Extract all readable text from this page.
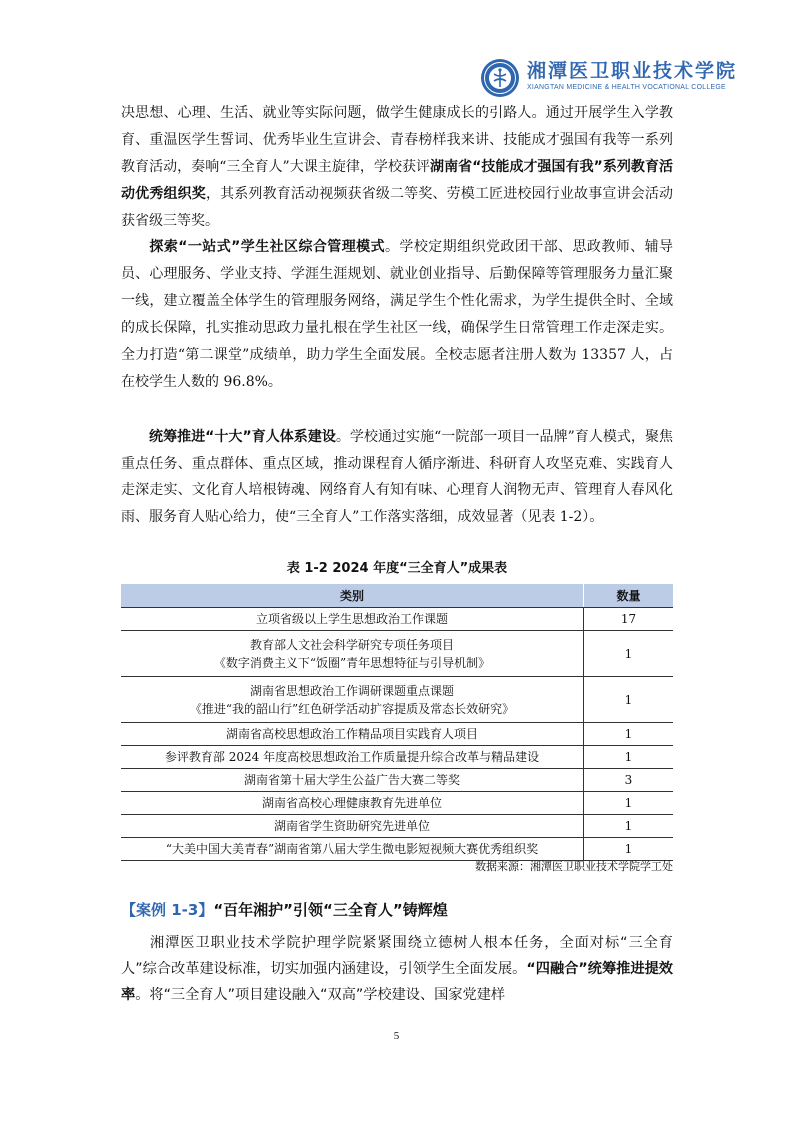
湘潭医卫职业技术学院
XIANGTAN MEDICINE & HEALTH VOCATIONAL COLLEGE

决思想、心理、生活、就业等实际问题，做学生健康成长的引路人。通过开展学生入学教育、重温医学生誓词、优秀毕业生宣讲会、青春榜样我来讲、技能成才强国有我等一系列教育活动，奏响“三全育人”大课主旋律，学校获评湖南省“技能成才强国有我”系列教育活动优秀组织奖，其系列教育活动视频获省级二等奖、劳模工匠进校园行业故事宣讲会活动获省级三等奖。

探索“一站式”学生社区综合管理模式。学校定期组织党政团干部、思政教师、辅导员、心理服务、学业支持、学涯生涯规划、就业创业指导、后勤保障等管理服务力量汇聚一线，建立覆盖全体学生的管理服务网络，满足学生个性化需求，为学生提供全时、全域的成长保障，扎实推动思政力量扎根在学生社区一线，确保学生日常管理工作走深走实。全力打造“第二课堂”成绩单，助力学生全面发展。全校志愿者注册人数为 13357 人，占在校学生人数的 96.8%。

统筹推进“十大”育人体系建设。学校通过实施“一院部一项目一品牌”育人模式，聚焦重点任务、重点群体、重点区域，推动课程育人循序渐进、科研育人攻坚克难、实践育人走深走实、文化育人培根铸魂、网络育人有知有味、心理育人润物无声、管理育人春风化雨、服务育人贴心给力，使“三全育人”工作落实落细，成效显著（见表 1-2）。

表 1-2 2024 年度“三全育人”成果表
类别	数量

立项省级以上学生思想政治工作课题	17

教育部人文社会科学研究专项任务项目
《数字消费主义下“饭圈”青年思想特征与引导机制》	1

湖南省思想政治工作调研课题重点课题
《推进“我的韶山行”红色研学活动扩容提质及常态长效研究》	1

湖南省高校思想政治工作精品项目实践育人项目	1

参评教育部 2024 年度高校思想政治工作质量提升综合改革与精品建设	1

湖南省第十届大学生公益广告大赛二等奖	3

湖南省高校心理健康教育先进单位	1

湖南省学生资助研究先进单位	1

“大美中国大美青春”湖南省第八届大学生微电影短视频大赛优秀组织奖	1
数据来源：湘潭医卫职业技术学院学工处
【案例 1-3】“百年湘护”引领“三全育人”铸辉煌

湘潭医卫职业技术学院护理学院紧紧围绕立德树人根本任务，全面对标“三全育人”综合改革建设标准，切实加强内涵建设，引领学生全面发展。“四融合”统筹推进提效率。将“三全育人”项目建设融入“双高”学校建设、国家党建样

5
